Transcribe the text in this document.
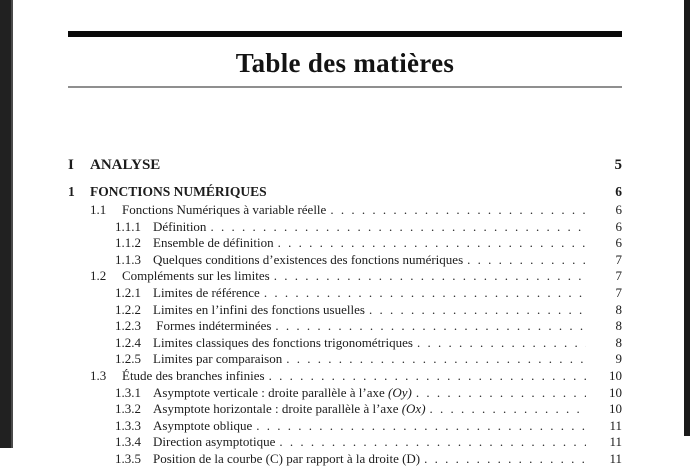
Table des matières
I	ANALYSE	5
1	FONCTIONS NUMÉRIQUES	6
1.1	Fonctions Numériques à variable réelle . . .	6
1.1.1 Définition . . .	6
1.1.2 Ensemble de définition . . .	6
1.1.3 Quelques conditions d’existences des fonctions numériques . . .	7
1.2	Compléments sur les limites . . .	7
1.2.1 Limites de référence . . .	7
1.2.2 Limites en l’infini des fonctions usuelles . . .	8
1.2.3 Formes indéterminées . . .	8
1.2.4 Limites classiques des fonctions trigonométriques . . .	8
1.2.5 Limites par comparaison . . .	9
1.3	Étude des branches infinies . . .	10
1.3.1 Asymptote verticale : droite parallèle à l’axe (Oy) . . .	10
1.3.2 Asymptote horizontale : droite parallèle à l’axe (Ox) . . .	10
1.3.3 Asymptote oblique . . .	11
1.3.4 Direction asymptotique . . .	11
1.3.5 Position de la courbe (C) par rapport à la droite (D) . . .	11
